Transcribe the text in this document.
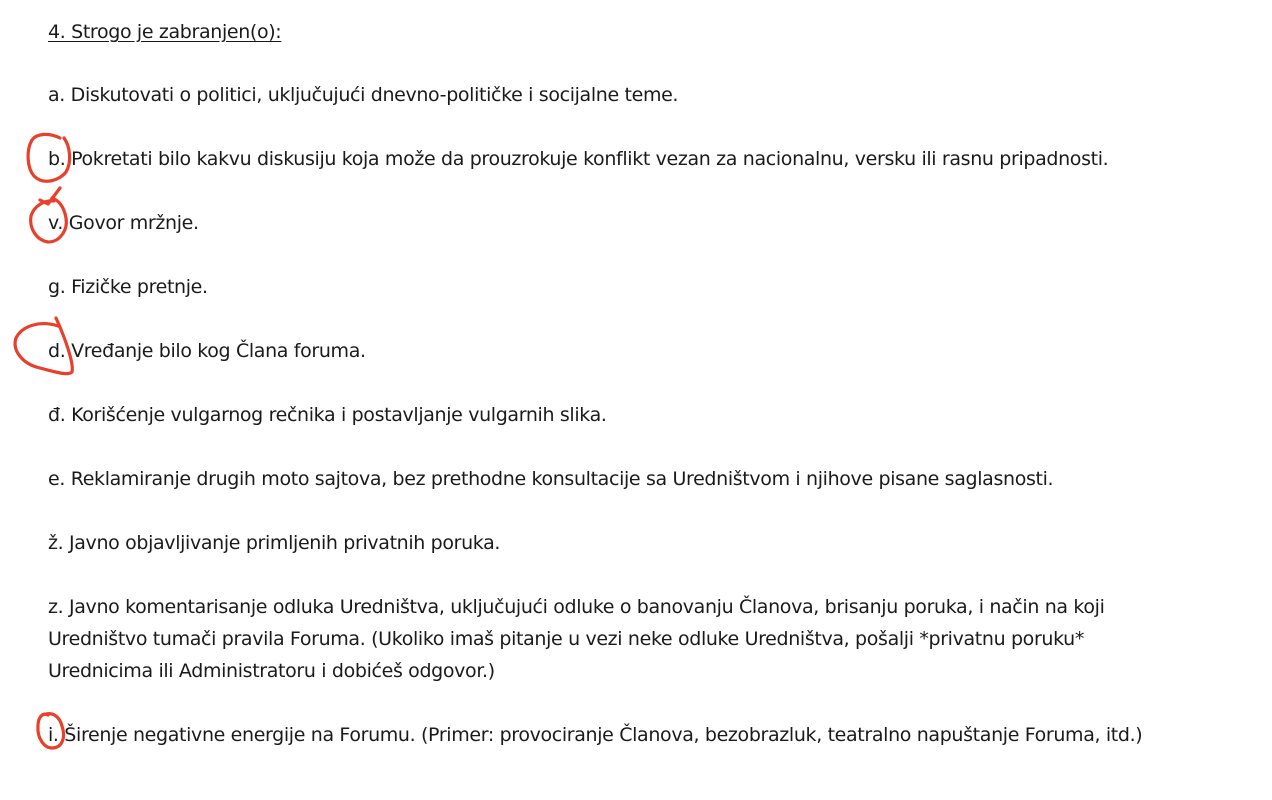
4. Strogo je zabranjen(o):
a. Diskutovati o politici, uključujući dnevno-političke i socijalne teme.
b. Pokretati bilo kakvu diskusiju koja može da prouzrokuje konflikt vezan za nacionalnu, versku ili rasnu pripadnosti.
v. Govor mržnje.
g. Fizičke pretnje.
d. Vređanje bilo kog Člana foruma.
đ. Korišćenje vulgarnog rečnika i postavljanje vulgarnih slika.
e. Reklamiranje drugih moto sajtova, bez prethodne konsultacije sa Uredništvom i njihove pisane saglasnosti.
ž. Javno objavljivanje primljenih privatnih poruka.
z. Javno komentarisanje odluka Uredništva, uključujući odluke o banovanju Članova, brisanju poruka, i način na koji Uredništvo tumači pravila Foruma. (Ukoliko imaš pitanje u vezi neke odluke Uredništva, pošalji *privatnu poruku* Urednicima ili Administratoru i dobićeš odgovor.)
i. Širenje negativne energije na Forumu. (Primer: provociranje Članova, bezobrazluk, teatralno napuštanje Foruma, itd.)
